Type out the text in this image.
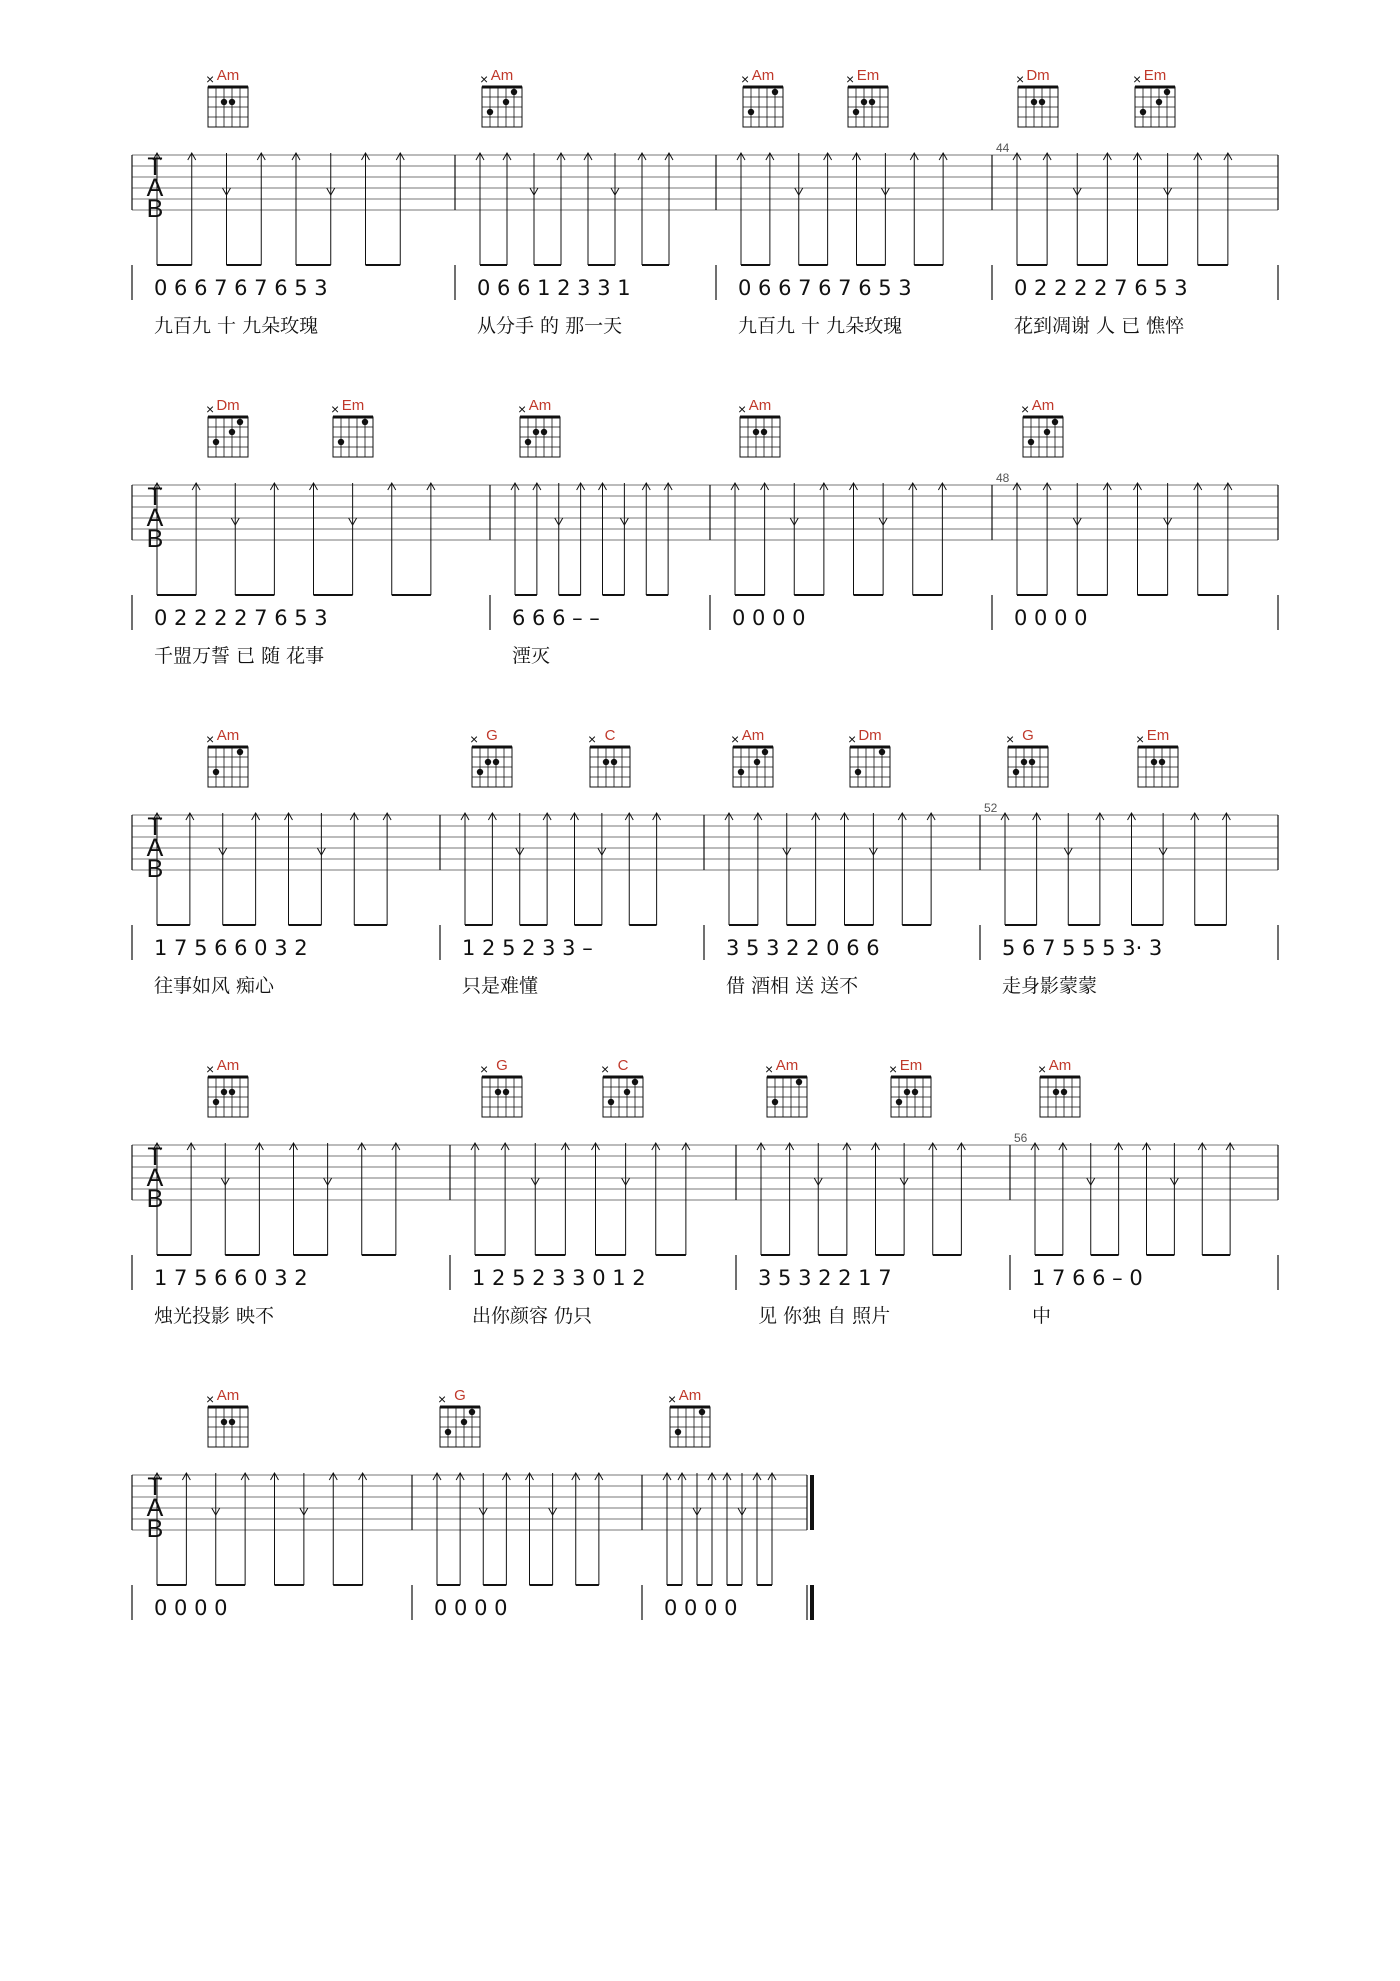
Am	Am	Am	Em	Dm	Em
T
A
B
44
0 6 6 7 6 7 6 5 3
九百九 十 九朵玫瑰
0 6 6 1 2 3 3 1
从分手 的 那一天
0 6 6 7 6 7 6 5 3
九百九 十 九朵玫瑰
0 2 2 2 2 7 6 5 3
花到凋谢 人 已 憔悴
×	×	×	×	×	×
Dm	Em	Am	Am	Am
T
A
B
48
0 2 2 2 2 7 6 5 3
千盟万誓 已 随 花事
6 6 6 – –
湮灭
0 0 0 0	0 0 0 0
×	×	×	×	×
Am	G	C	Am	Dm	G	Em
T
A
B
52
1 7 5 6 6 0 3 2
往事如风 痴心
1 2 5 2 3 3 –
只是难懂
3 5 3 2 2 0 6 6
借 酒相 送 送不
5 6 7 5 5 5 3· 3
走身影蒙蒙
×	×	×	×	×	×	×
Am	G	C	Am	Em	Am
T
A
B
56
1 7 5 6 6 0 3 2
烛光投影 映不
1 2 5 2 3 3 0 1 2
出你颜容 仍只
3 5 3 2 2 1 7
见 你独 自 照片
1 7 6 6 – 0
中
×	×	×	×	×	×
Am	G	Am
T
A
B
0 0 0 0	0 0 0 0	0 0 0 0
×	×	×
